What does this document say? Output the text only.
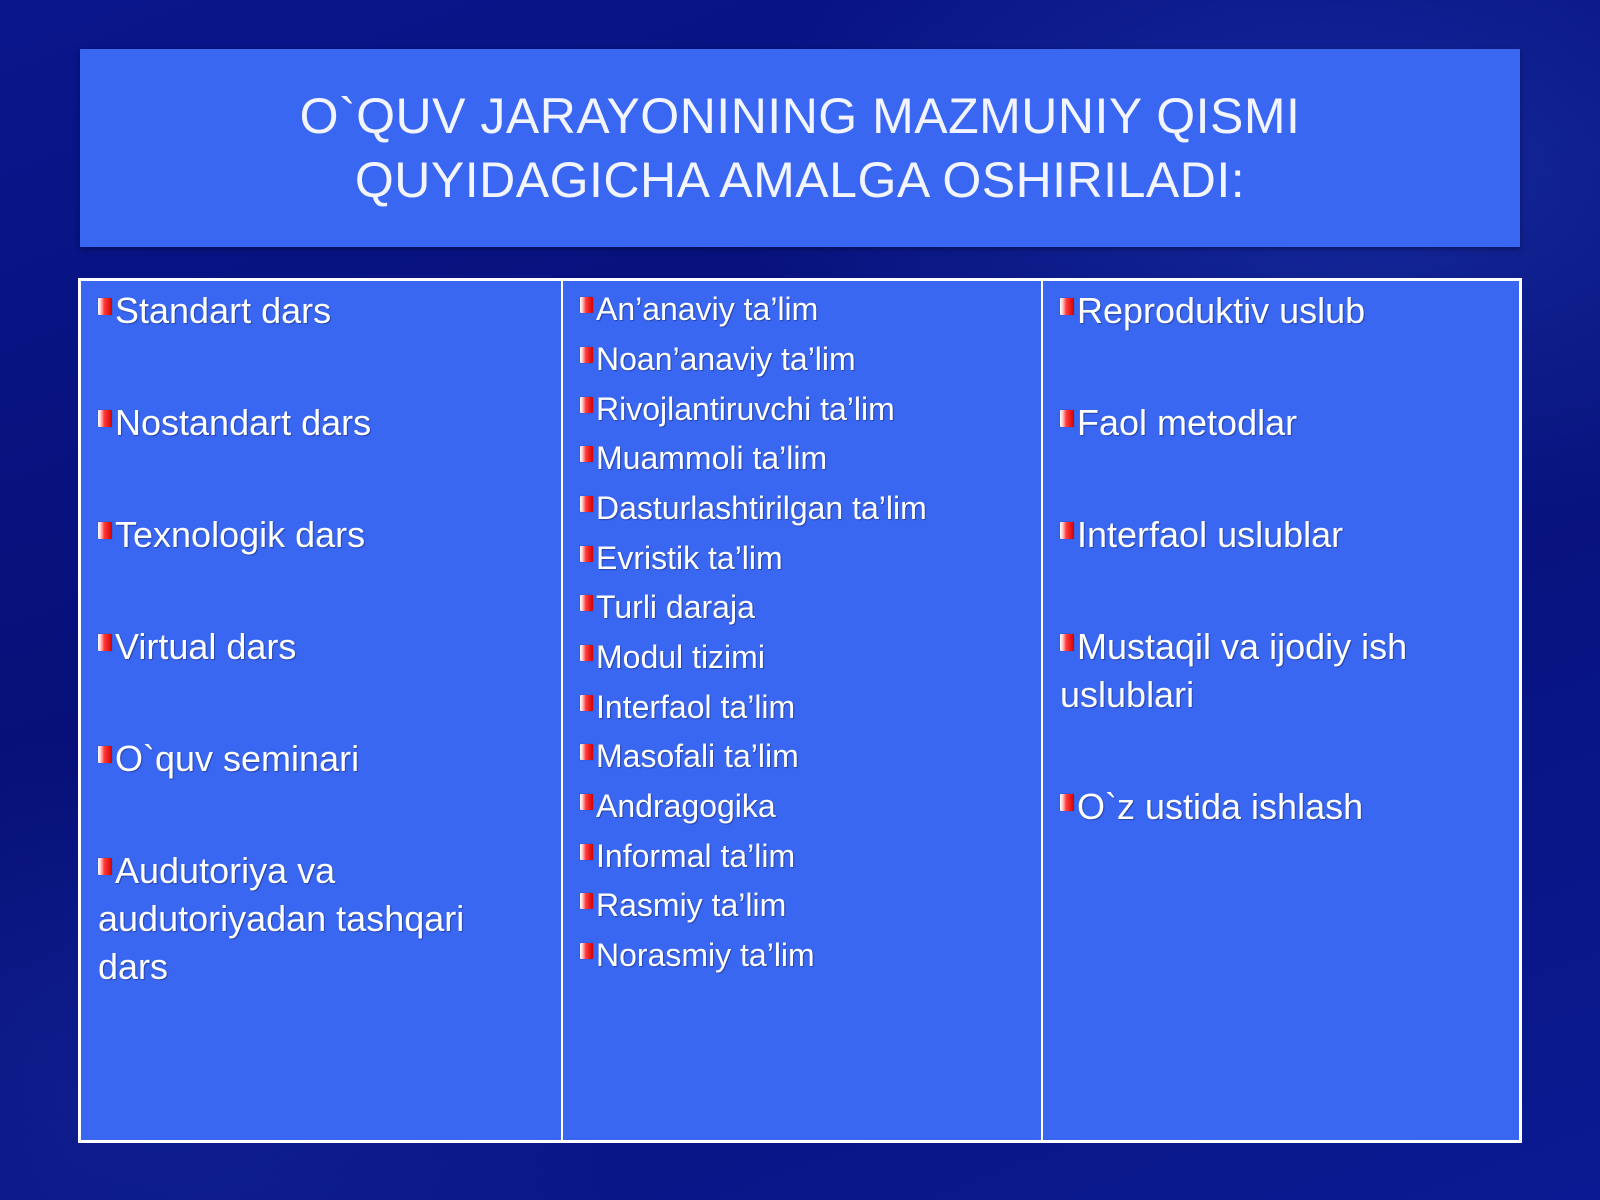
O`QUV JARAYONINING MAZMUNIY QISMI QUYIDAGICHA AMALGA OSHIRILADI:
Standart dars
Nostandart dars
Texnologik dars
Virtual dars
O`quv seminari
Audutoriya va audutoriyadan tashqari dars
An’anaviy ta’lim
Noan’anaviy ta’lim
Rivojlantiruvchi ta’lim
Muammoli ta’lim
Dasturlashtirilgan ta’lim
Evristik ta’lim
Turli daraja
Modul tizimi
Interfaol ta’lim
Masofali ta’lim
Andragogika
Informal ta’lim
Rasmiy ta’lim
Norasmiy ta’lim
Reproduktiv uslub
Faol metodlar
Interfaol uslublar
Mustaqil va ijodiy ish uslublari
O`z ustida ishlash
